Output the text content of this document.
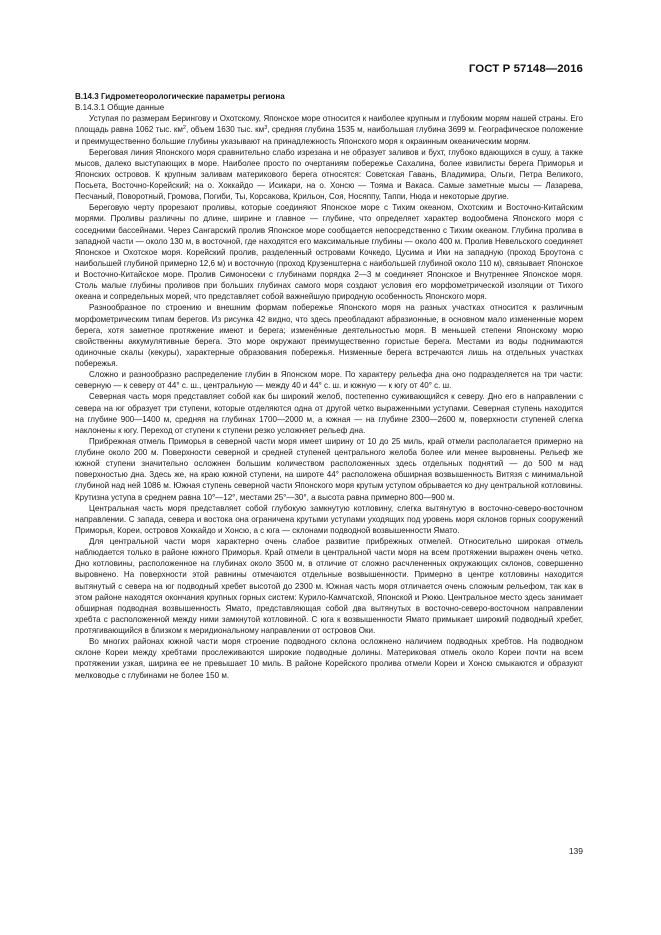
ГОСТ Р 57148—2016

В.14.3 Гидрометеорологические параметры региона

В.14.3.1 Общие данные

Уступая по размерам Берингову и Охотскому, Японское море относится к наиболее крупным и глубоким морям нашей страны. Его площадь равна 1062 тыс. $км^2$, объем 1630 тыс. $км^3$, средняя глубина 1535 м, наибольшая глубина 3699 м. Географическое положение и преимущественно большие глубины указывают на принадлежность Японского моря к окраинным океаническим морям.

Береговая линия Японского моря сравнительно слабо изрезана и не образует заливов и бухт, глубоко вдающихся в сушу, а также мысов, далеко выступающих в море. Наиболее просто по очертаниям побережье Сахалина, более извилисты берега Приморья и Японских островов. К крупным заливам материкового берега относятся: Советская Гавань, Владимира, Ольги, Петра Великого, Посьета, Восточно-Корейский; на о. Хоккайдо — Исикари, на о. Хонсю — Тояма и Вакаса. Самые заметные мысы — Лазарева, Песчаный, Поворотный, Громова, Погиби, Ты, Корсакова, Крильон, Соя, Носяппу, Таппи, Нюда и некоторые другие.

Береговую черту прорезают проливы, которые соединяют Японское море с Тихим океаном, Охотским и Восточно-Китайским морями. Проливы различны по длине, ширине и главное — глубине, что определяет характер водообмена Японского моря с соседними бассейнами. Через Сангарский пролив Японское море сообщается непосредственно с Тихим океаном. Глубина пролива в западной части — около 130 м, в восточной, где находятся его максимальные глубины — около 400 м. Пролив Невельского соединяет Японское и Охотское моря. Корейский пролив, разделенный островами Кочкедо, Цусима и Ики на западную (проход Броутона с наибольшей глубиной примерно 12,6 м) и восточную (проход Крузенштерна с наибольшей глубиной около 110 м), связывает Японское и Восточно-Китайское море. Пролив Симоносеки с глубинами порядка 2—3 м соединяет Японское и Внутреннее Японское моря. Столь малые глубины проливов при больших глубинах самого моря создают условия его морфометрической изоляции от Тихого океана и сопредельных морей, что представляет собой важнейшую природную особенность Японского моря.

Разнообразное по строению и внешним формам побережье Японского моря на разных участках относится к различным морфометрическим типам берегов. Из рисунка 42 видно, что здесь преобладают абразионные, в основном мало измененные морем берега, хотя заметное протяжение имеют и берега; изменённые деятельностью моря. В меньшей степени Японскому морю свойственны аккумулятивные берега. Это море окружают преимущественно гористые берега. Местами из воды поднимаются одиночные скалы (кекуры), характерные образования побережья. Низменные берега встречаются лишь на отдельных участках побережья.

Сложно и разнообразно распределение глубин в Японском море. По характеру рельефа дна оно подразделяется на три части: северную — к северу от 44° с. ш., центральную — между 40 и 44° с. ш. и южную — к югу от 40° с. ш.

Северная часть моря представляет собой как бы широкий желоб, постепенно суживающийся к северу. Дно его в направлении с севера на юг образует три ступени, которые отделяются одна от другой четко выраженными уступами. Северная ступень находится на глубине 900—1400 м, средняя на глубинах 1700—2000 м, а южная — на глубине 2300—2600 м, поверхности ступеней слегка наклонены к югу. Переход от ступени к ступени резко усложняет рельеф дна.

Прибрежная отмель Приморья в северной части моря имеет ширину от 10 до 25 миль, край отмели располагается примерно на глубине около 200 м. Поверхности северной и средней ступеней центрального желоба более или менее выровнены. Рельеф же южной ступени значительно осложнен большим количеством расположенных здесь отдельных поднятий — до 500 м над поверхностью дна. Здесь же, на краю южной ступени, на широте 44° расположена обширная возвышенность Витязя с минимальной глубиной над ней 1086 м. Южная ступень северной части Японского моря крутым уступом обрывается ко дну центральной котловины. Крутизна уступа в среднем равна 10°—12°, местами 25°—30°, а высота равна примерно 800—900 м.

Центральная часть моря представляет собой глубокую замкнутую котловину, слегка вытянутую в восточно-северо-восточном направлении. С запада, севера и востока она ограничена крутыми уступами уходящих под уровень моря склонов горных сооружений Приморья, Кореи, островов Хоккайдо и Хонсю, а с юга — склонами подводной возвышенности Ямато.

Для центральной части моря характерно очень слабое развитие прибрежных отмелей. Относительно широкая отмель наблюдается только в районе южного Приморья. Край отмели в центральной части моря на всем протяжении выражен очень четко. Дно котловины, расположенное на глубинах около 3500 м, в отличие от сложно расчлененных окружающих склонов, совершенно выровнено. На поверхности этой равнины отмечаются отдельные возвышенности. Примерно в центре котловины находится вытянутый с севера на юг подводный хребет высотой до 2300 м. Южная часть моря отличается очень сложным рельефом, так как в этом районе находятся окончания крупных горных систем: Курило-Камчатской, Японской и Рюкю. Центральное место здесь занимает обширная подводная возвышенность Ямато, представляющая собой два вытянутых в восточно-северо-восточном направлении хребта с расположенной между ними замкнутой котловиной. С юга к возвышенности Ямато примыкает широкий подводный хребет, протягивающийся в близком к меридиональному направлении от островов Оки.

Во многих районах южной части моря строение подводного склона осложнено наличием подводных хребтов. На подводном склоне Кореи между хребтами прослеживаются широкие подводные долины. Материковая отмель около Кореи почти на всем протяжении узкая, ширина ее не превышает 10 миль. В районе Корейского пролива отмели Кореи и Хонсю смыкаются и образуют мелководье с глубинами не более 150 м.

139
